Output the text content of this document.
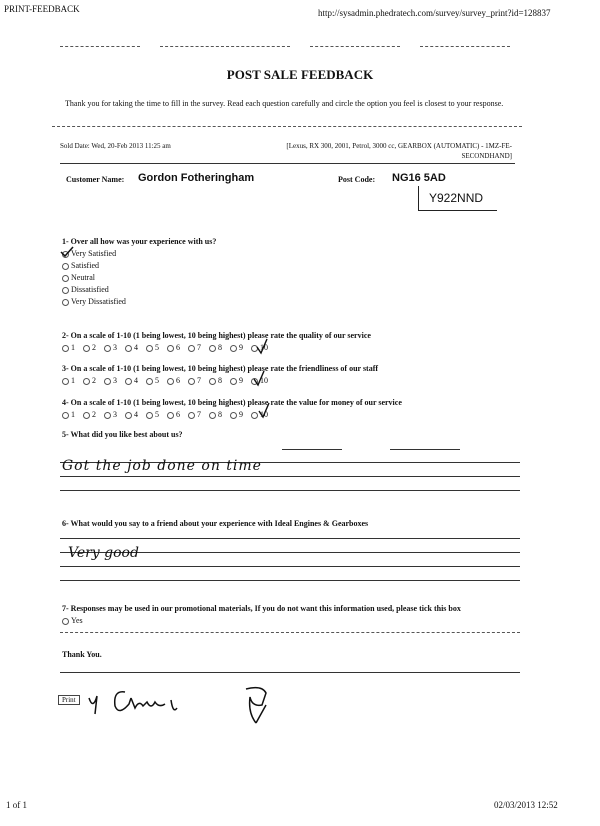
PRINT-FEEDBACK	http://sysadmin.phedratech.com/survey/survey_print?id=128837
POST SALE FEEDBACK
Thank you for taking the time to fill in the survey. Read each question carefully and circle the option you feel is closest to your response.
Sold Date: Wed, 20-Feb 2013 11:25 am	[Lexus, RX 300, 2001, Petrol, 3000 cc, GEARBOX (AUTOMATIC) - 1MZ-FE-
SECONDHAND]
Customer Name: Gordon Fotheringham	Post Code: NG16 5AD
Y922NND
1- Over all how was your experience with us?
Very Satisfied
Satisfied
Neutral
Dissatisfied
Very Dissatisfied
2- On a scale of 1-10 (1 being lowest, 10 being highest) please rate the quality of our service
1 2 3 4 5 6 7 8 9 10
3- On a scale of 1-10 (1 being lowest, 10 being highest) please rate the friendliness of our staff
1 2 3 4 5 6 7 8 9 10
4- On a scale of 1-10 (1 being lowest, 10 being highest) please rate the value for money of our service
1 2 3 4 5 6 7 8 9 10
5- What did you like best about us?
Got the job done on time
6- What would you say to a friend about your experience with Ideal Engines & Gearboxes
Very good
7- Responses may be used in our promotional materials, If you do not want this information used, please tick this box
Yes
Thank You.
Print
1 of 1	02/03/2013 12:52
